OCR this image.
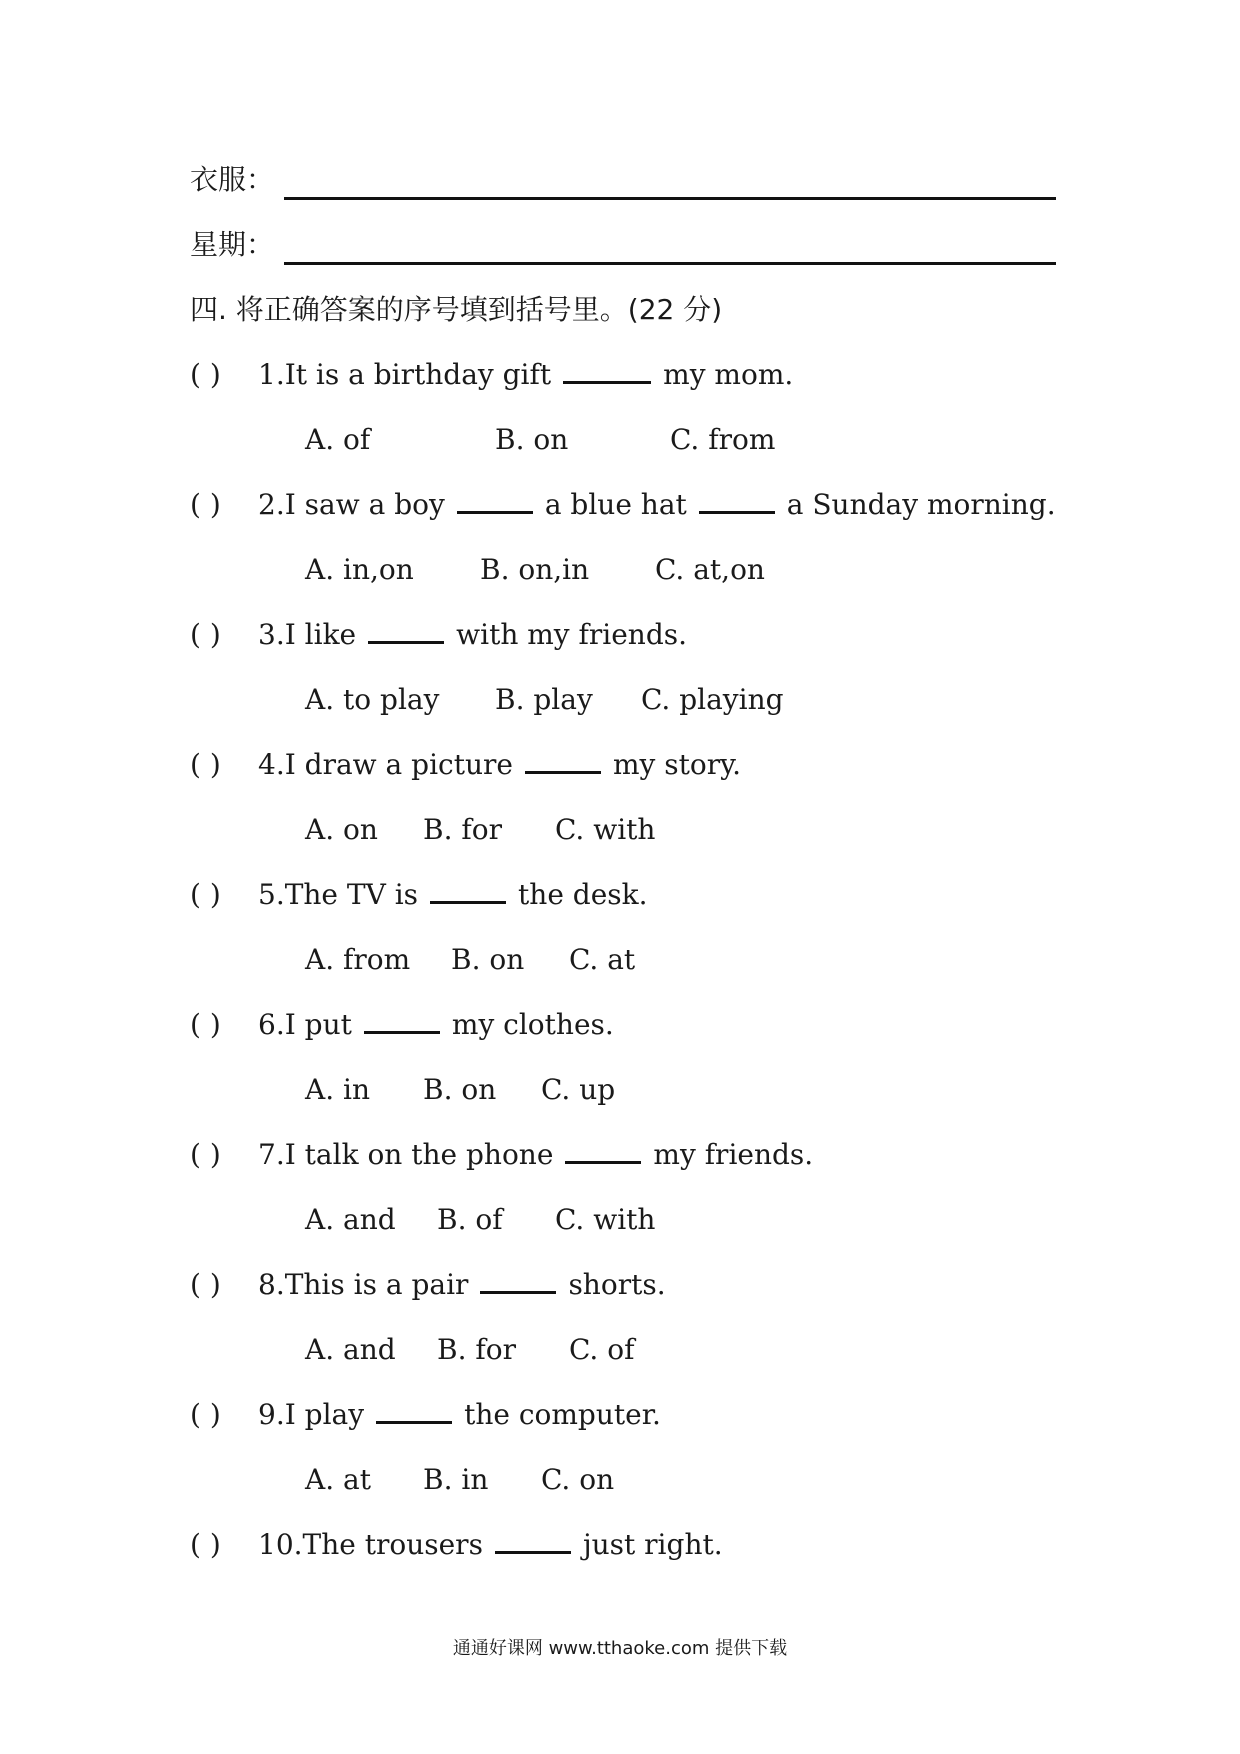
衣服：
星期：
四. 将正确答案的序号填到括号里。(22 分)
( ) 1.It is a birthday gift	my mom.
A. of	B. on	C. from
( ) 2.I saw a boy	a blue hat	a Sunday morning.
A. in,on B. on,in C. at,on
( ) 3.I like	with my friends.
A. to play B. play C. playing
( ) 4.I draw a picture	my story.
A. on B. for C. with
( ) 5.The TV is	the desk.
A. from B. on C. at
( ) 6.I put	my clothes.
A. in B. on C. up
( ) 7.I talk on the phone	my friends.
A. and B. of C. with
( ) 8.This is a pair	shorts.
A. and B. for C. of
( ) 9.I play	the computer.
A. at B. in C. on
( ) 10.The trousers	just right.
通通好课网 www.tthaoke.com 提供下载
